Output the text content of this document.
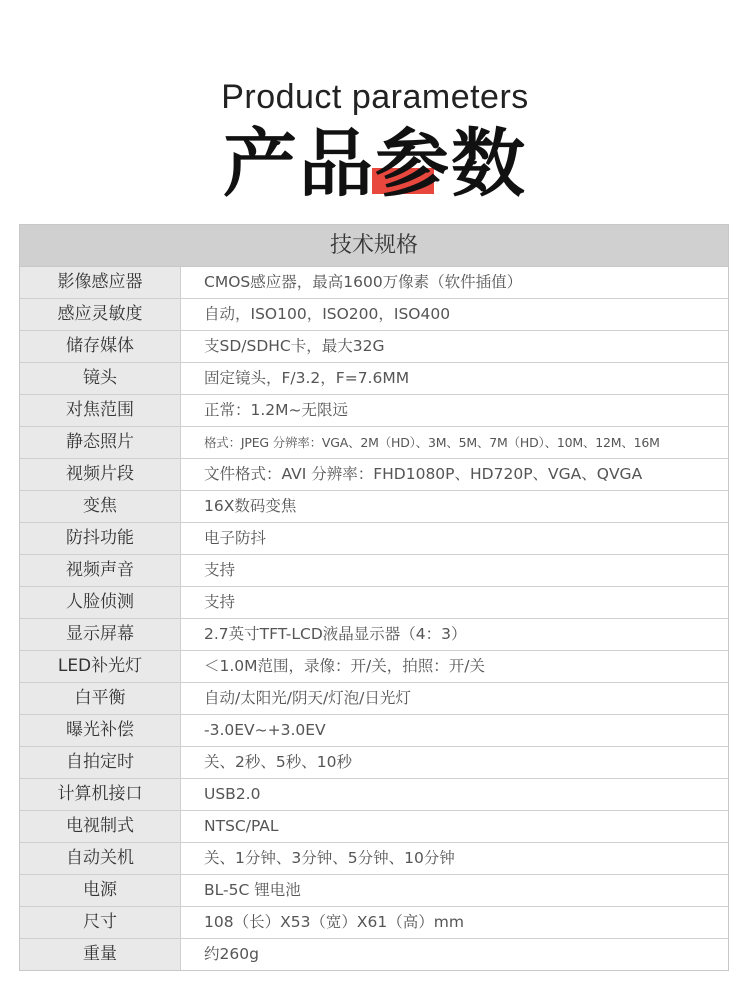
Product parameters
产品参数
技术规格
影像感应器	CMOS感应器，最高1600万像素（软件插值）
感应灵敏度	自动，ISO100，ISO200，ISO400
储存媒体	支SD/SDHC卡，最大32G
镜头	固定镜头，F/3.2，F=7.6MM
对焦范围	正常：1.2M~无限远
静态照片	格式：JPEG 分辨率：VGA、2M（HD）、3M、5M、7M（HD）、10M、12M、16M
视频片段	文件格式：AVI 分辨率：FHD1080P、HD720P、VGA、QVGA
变焦	16X数码变焦
防抖功能	电子防抖
视频声音	支持
人脸侦测	支持
显示屏幕	2.7英寸TFT-LCD液晶显示器（4：3）
LED补光灯	＜1.0M范围，录像：开/关，拍照：开/关
白平衡	自动/太阳光/阴天/灯泡/日光灯
曝光补偿	-3.0EV~+3.0EV
自拍定时	关、2秒、5秒、10秒
计算机接口	USB2.0
电视制式	NTSC/PAL
自动关机	关、1分钟、3分钟、5分钟、10分钟
电源	BL-5C 锂电池
尺寸	108（长）X53（宽）X61（高）mm
重量	约260g
